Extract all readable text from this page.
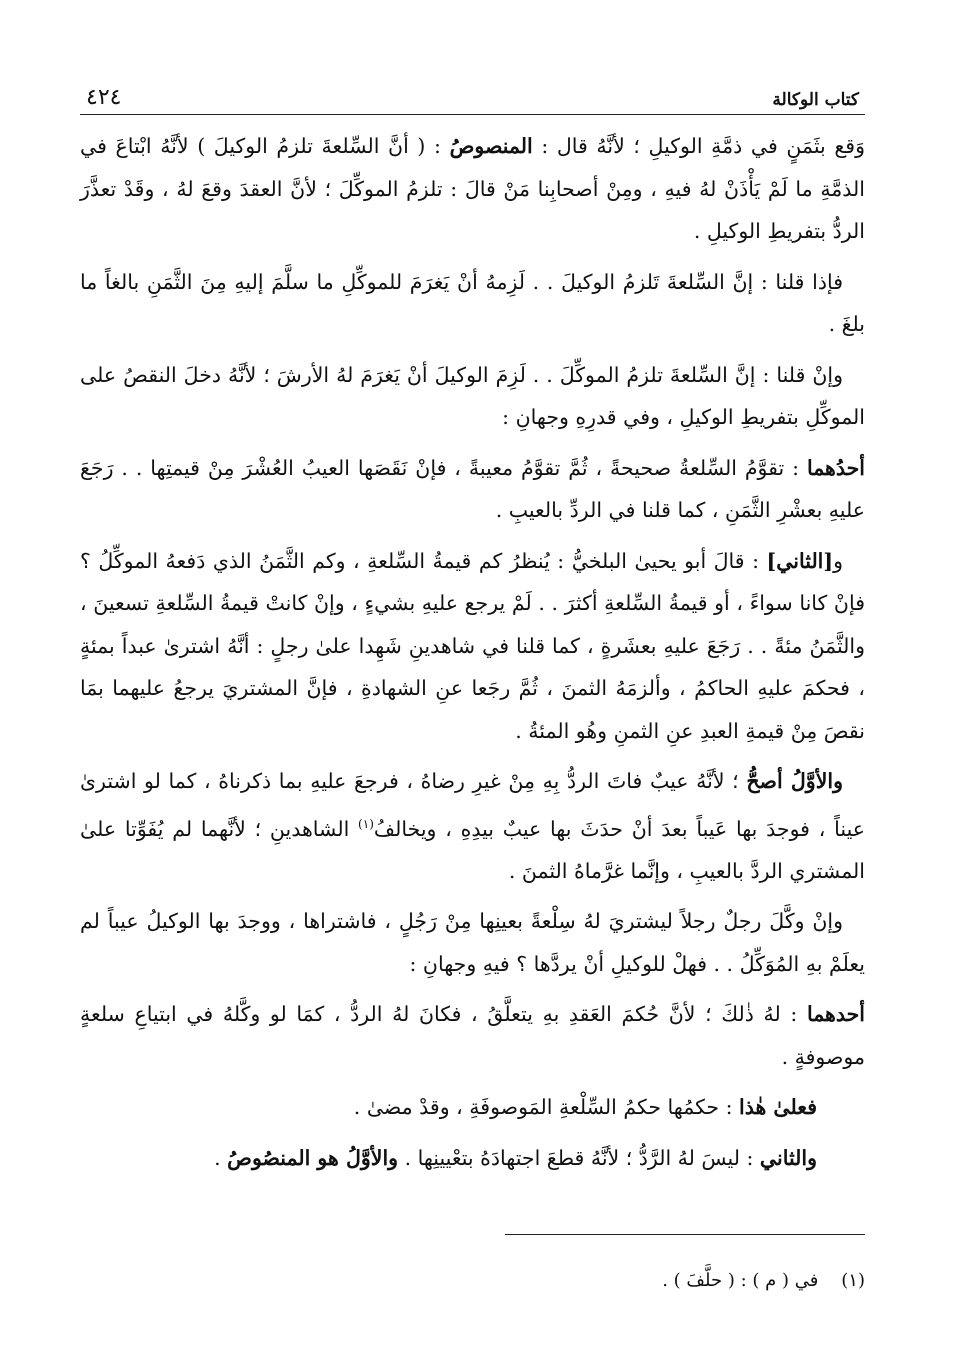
كتاب الوكالة
٤٢٤

وَقع بثَمَنٍ في ذمَّةِ الوكيلِ ؛ لأنَّهُ قال : المنصوصُ : ( أنَّ السِّلعةَ تلزمُ الوكيلَ ) لأنَّهُ ابْتاعَ في الذمَّةِ ما لَمْ يَأْذَنْ لهُ فيهِ ، ومِنْ أصحابِنا مَنْ قالَ : تلزمُ الموكِّلَ ؛ لأنَّ العقدَ وقعَ لهُ ، وقَدْ تعذَّرَ الردُّ بتفريطِ الوكيلِ .

فإذا قلنا : إنَّ السِّلعةَ تَلزمُ الوكيلَ . . لَزِمهُ أنْ يَغرَمَ للموكِّلِ ما سلَّمَ إليهِ مِنَ الثَّمَنِ بالغاً ما بلغَ .

وإنْ قلنا : إنَّ السِّلعةَ تلزمُ الموكِّلَ . . لَزِمَ الوكيلَ أنْ يَغرَمَ لهُ الأرشَ ؛ لأنَّهُ دخلَ النقصُ على الموكِّلِ بتفريطِ الوكيلِ ، وفي قدرِهِ وجهانِ :

أحدُهما : تقوَّمُ السِّلعةُ صحيحةً ، ثُمَّ تقوَّمُ معيبةً ، فإنْ نَقَصَها العيبُ العُشْرَ مِنْ قيمتِها . . رَجَعَ عليهِ بعشْرِ الثَّمَنِ ، كما قلنا في الردِّ بالعيبِ .

و[الثاني] : قالَ أبو يحيىٰ البلخيُّ : يُنظرُ كم قيمةُ السِّلعةِ ، وكم الثَّمَنُ الذي دَفعهُ الموكِّلُ ؟ فإنْ كانا سواءً ، أو قيمةُ السِّلعةِ أكثرَ . . لَمْ يرجع عليهِ بشيءٍ ، وإنْ كانتْ قيمةُ السِّلعةِ تسعينَ ، والثَّمَنُ مئةً . . رَجَعَ عليهِ بعشَرةٍ ، كما قلنا في شاهدينِ شَهِدا علىٰ رجلٍ : أنَّهُ اشترىٰ عبداً بمئةٍ ، فحكمَ عليهِ الحاكمُ ، وألزمَهُ الثمنَ ، ثُمَّ رجَعا عنِ الشهادةِ ، فإنَّ المشتريَ يرجعُ عليهما بمَا نقصَ مِنْ قيمةِ العبدِ عنِ الثمنِ وهُو المئةُ .

والأوَّلُ أصحُّ ؛ لأنَّهُ عيبٌ فاتَ الردُّ بِهِ مِنْ غيرِ رضاهُ ، فرجعَ عليهِ بما ذكرناهُ ، كما لو اشترىٰ عيناً ، فوجدَ بها عَيباً بعدَ أنْ حدَثَ بها عيبٌ بيدِهِ ، ويخالفُ$^{(١)}$ الشاهدينِ ؛ لأنَّهما لم يُفَوِّتا علىٰ المشتري الردَّ بالعيبِ ، وإنَّما غرَّماهُ الثمنَ .

وإنْ وكَّلَ رجلٌ رجلاً ليشتريَ لهُ سِلْعةً بعينِها مِنْ رَجُلٍ ، فاشتراها ، ووجدَ بها الوكيلُ عيباً لم يعلَمْ بهِ المُوَكِّلُ . . فهلْ للوكيلِ أنْ يردَّها ؟ فيهِ وجهانِ :

أحدهما : لهُ ذٰلكَ ؛ لأنَّ حُكمَ العَقدِ بهِ يتعلَّقُ ، فكانَ لهُ الردُّ ، كمَا لو وكَّلهُ في ابتياعِ سلعةٍ موصوفةٍ .

فعلىٰ هٰذا : حكمُها حكمُ السِّلْعةِ المَوصوفَةِ ، وقدْ مضىٰ .

والثاني : ليسَ لهُ الرَّدُّ ؛ لأنَّهُ قطعَ اجتهادَهُ بتعْيينِها . والأوَّلُ هو المنصُوصُ .

(١)    في ( م ) : ( حلَّفَ ) .
